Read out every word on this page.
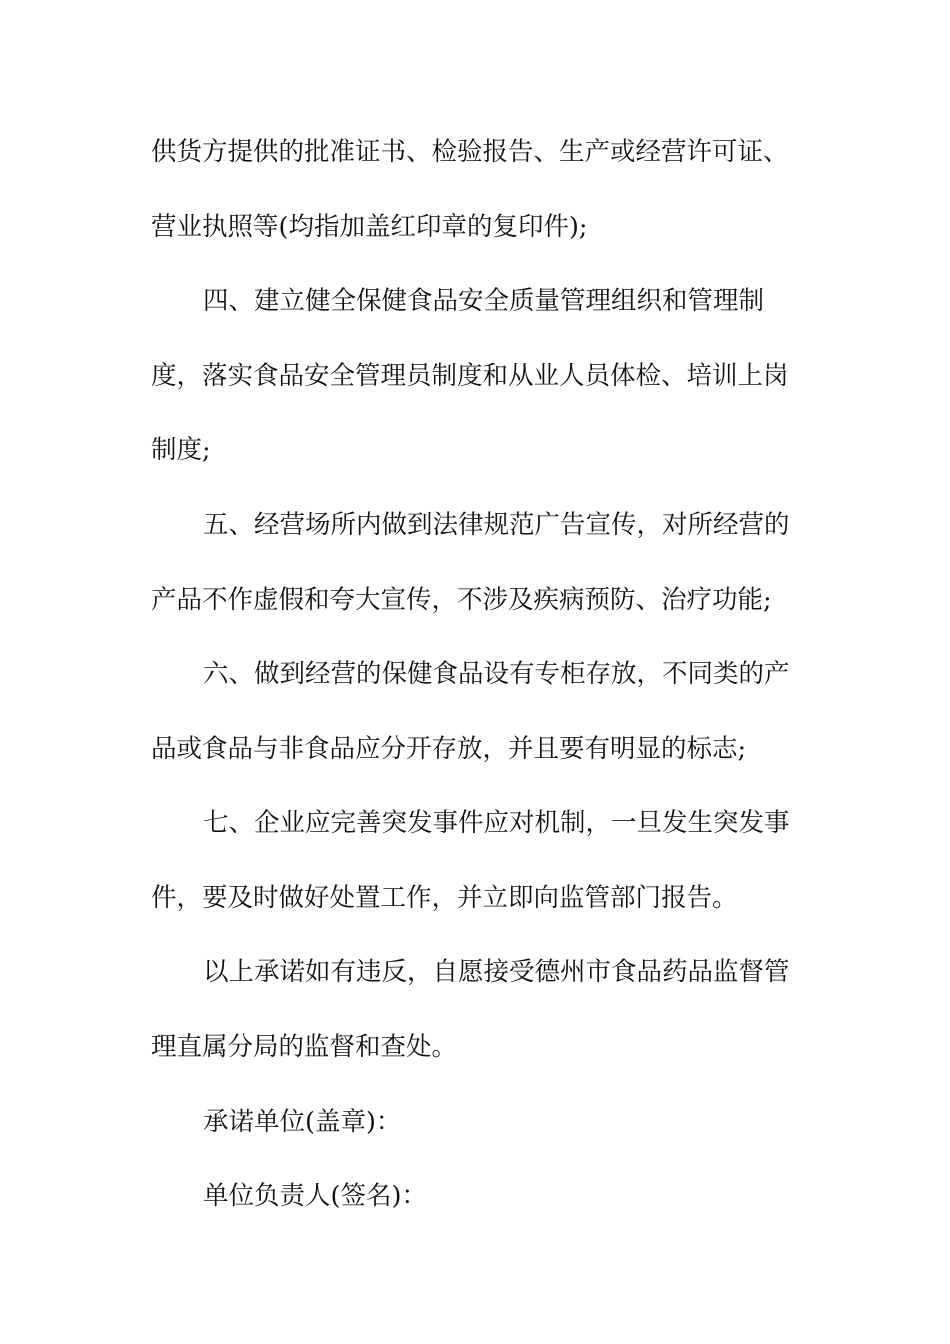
供货方提供的批准证书、检验报告、生产或经营许可证、

营业执照等(均指加盖红印章的复印件);

四、建立健全保健食品安全质量管理组织和管理制

度，落实食品安全管理员制度和从业人员体检、培训上岗

制度;

五、经营场所内做到法律规范广告宣传，对所经营的

产品不作虚假和夸大宣传，不涉及疾病预防、治疗功能;

六、做到经营的保健食品设有专柜存放，不同类的产

品或食品与非食品应分开存放，并且要有明显的标志;

七、企业应完善突发事件应对机制，一旦发生突发事

件，要及时做好处置工作，并立即向监管部门报告。

以上承诺如有违反，自愿接受德州市食品药品监督管

理直属分局的监督和查处。

承诺单位(盖章)：

单位负责人(签名)：
